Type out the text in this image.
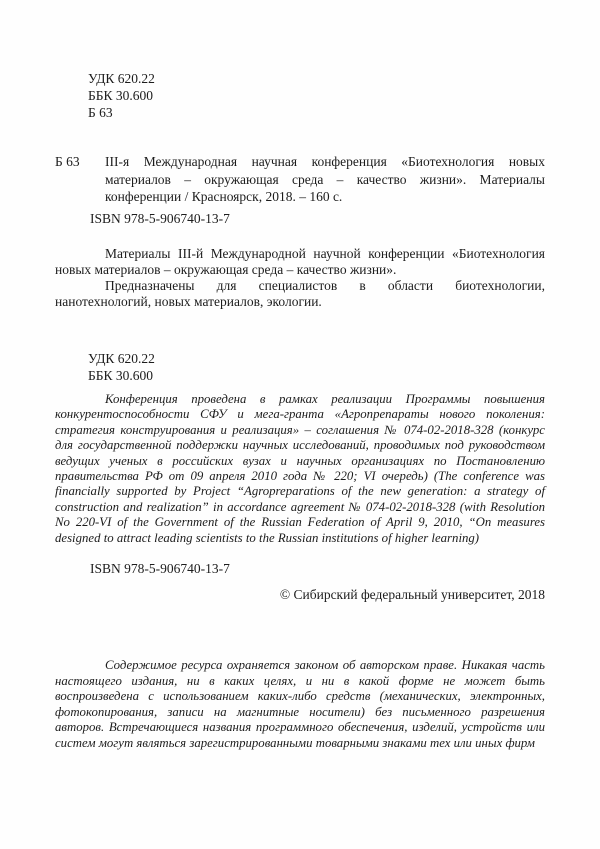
УДК 620.22
ББК 30.600
Б 63
Б 63 III-я Международная научная конференция «Биотехнология новых материалов – окружающая среда – качество жизни». Материалы конференции / Красноярск, 2018. – 160 с.
ISBN 978-5-906740-13-7

Материалы III-й Международной научной конференции «Биотехнология новых материалов – окружающая среда – качество жизни».

Предназначены для специалистов в области биотехнологии, нанотехнологий, новых материалов, экологии.

УДК 620.22
ББК 30.600
Конференция проведена в рамках реализации Программы повышения конкурентоспособности СФУ и мега-гранта «Агропрепараты нового поколения: стратегия конструирования и реализация» – соглашения № 074-02-2018-328 (конкурс для государственной поддержки научных исследований, проводимых под руководством ведущих ученых в российских вузах и научных организациях по Постановлению правительства РФ от 09 апреля 2010 года № 220; VI очередь) (The conference was financially supported by Project “Agropreparations of the new generation: a strategy of construction and realization” in accordance agreement № 074-02-2018-328 (with Resolution No 220-VI of the Government of the Russian Federation of April 9, 2010, “On measures designed to attract leading scientists to the Russian institutions of higher learning)
ISBN 978-5-906740-13-7
© Сибирский федеральный университет, 2018
Содержимое ресурса охраняется законом об авторском праве. Никакая часть настоящего издания, ни в каких целях, и ни в какой форме не может быть воспроизведена с использованием каких-либо средств (механических, электронных, фотокопирования, записи на магнитные носители) без письменного разрешения авторов. Встречающиеся названия программного обеспечения, изделий, устройств или систем могут являться зарегистрированными товарными знаками тех или иных фирм
